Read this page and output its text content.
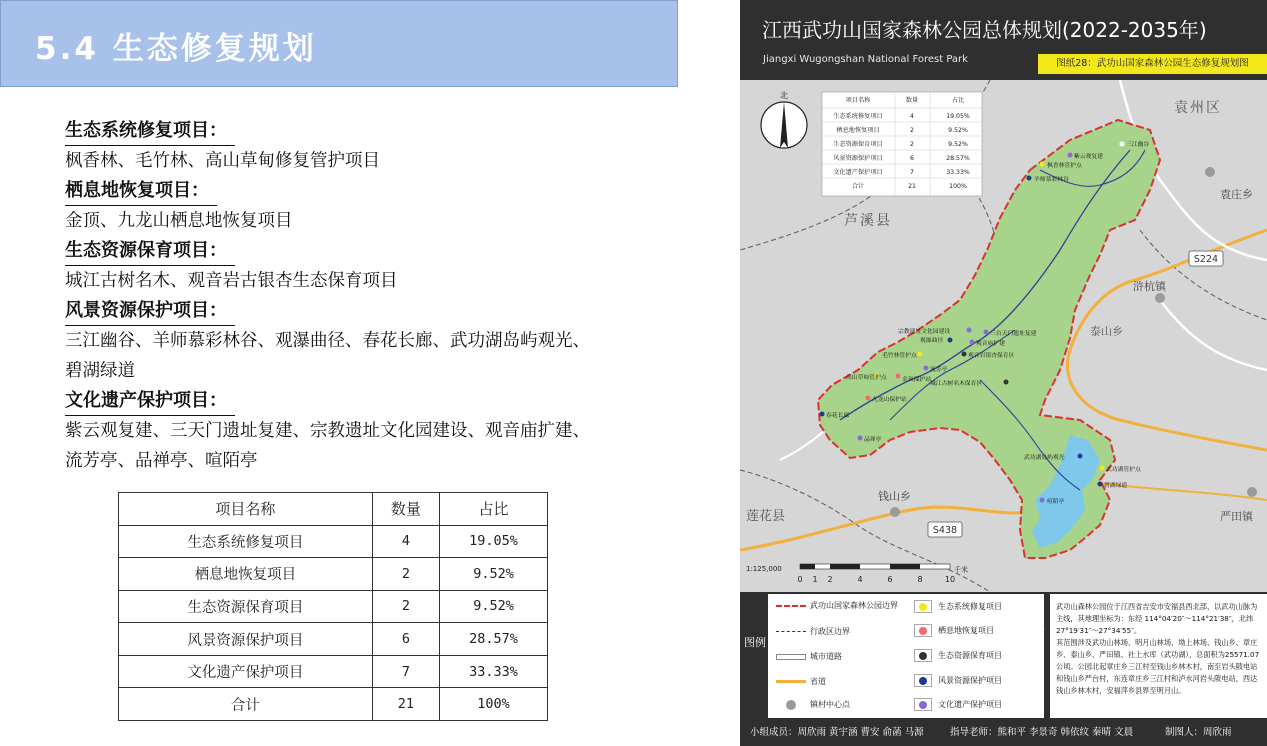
5.4 生态修复规划
生态系统修复项目：
枫香林、毛竹林、高山草甸修复管护项目
栖息地恢复项目：
金顶、九龙山栖息地恢复项目
生态资源保育项目：
城江古树名木、观音岩古银杏生态保育项目
风景资源保护项目：
三江幽谷、羊师慕彩林谷、观瀑曲径、春花长廊、武功湖岛屿观光、
碧湖绿道
文化遗产保护项目：
紫云观复建、三天门遗址复建、宗教遗址文化园建设、观音庙扩建、
流芳亭、品禅亭、喧陌亭
项目名称	数量	占比
生态系统修复项目	4	19.05%
栖息地恢复项目	2	9.52%
生态资源保育项目	2	9.52%
风景资源保护项目	6	28.57%
文化遗产保护项目	7	33.33%
合计	21	100%
江西武功山国家森林公园总体规划(2022-2035年)
Jiangxi Wugongshan National Forest Park	图纸28：武功山国家森林公园生态修复规划图
北
项目名称	数量	占比
生态系统修复项目	4	19.05%
栖息地恢复项目	2	9.52%
生态资源保育项目	2	9.52%
风景资源保护项目	6	28.57%
文化遗产保护项目	7	33.33%
合计	21	100%
袁州区
芦溪县
泰山乡
莲花县
袁庄乡
浒杭镇
钱山乡
严田镇
S224
S438
三江幽谷
紫云观复建
枫香林管护点
羊师慕彩林谷
宗教遗址文化园建设	三台天门遗址复建
观瀑曲径	观音庙扩建
观音岩银杏保育区
毛竹林管护点
流芳亭
高山草甸管护点	金顶保护站
城江古树名木保育区
九龙山保护站
春花长廊
品禅亭
武功湖岛屿观光
武功湖管护点
碧湖绿道
喧陌亭
1:125,000
0 1 2	4	6	8	10
千米
图例
武功山国家森林公园边界
行政区边界
城市道路
省道
镇村中心点
生态系统修复项目
栖息地恢复项目
生态资源保育项目
风景资源保护项目
文化遗产保护项目
设计说明
武功山森林公园位于江西省吉安市安福县西北部，以武功山脉为主线，其地理坐标为：东经 114°04′20″～114°21′38″，北纬 27°19′31″～27°34′55″。
其范围涉及武功山林场、明月山林场、坳上林场、钱山乡、章庄乡、泰山乡、严田镇、社上水库（武功湖），总面积为25571.07公顷。公园北起章庄乡三江村至钱山乡林木村，南至岩头陂电站和钱山乡严台村，东连章庄乡三江村和泸水河岩头陂电站，西达钱山乡林木村，安福萍乡县界至明月山。
小组成员：周欣雨 黄宇涵 曹安 俞菡 马源	指导老师：熊和平 李景奇 韩依纹 秦晴 文晨	制图人：周欣雨
